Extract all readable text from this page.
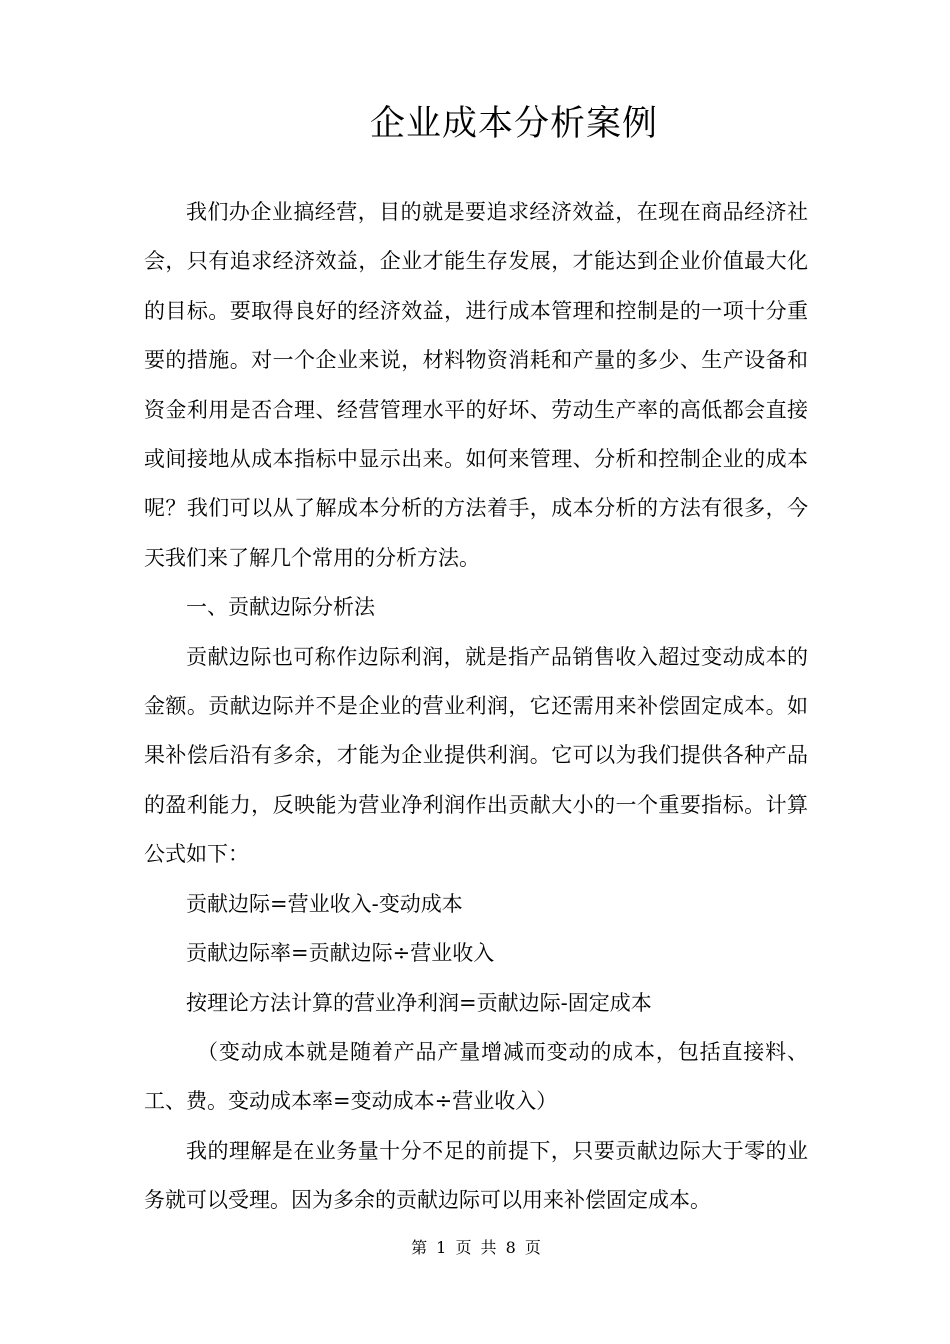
企业成本分析案例

我们办企业搞经营，目的就是要追求经济效益，在现在商品经济社会，只有追求经济效益，企业才能生存发展，才能达到企业价值最大化的目标。要取得良好的经济效益，进行成本管理和控制是的一项十分重要的措施。对一个企业来说，材料物资消耗和产量的多少、生产设备和资金利用是否合理、经营管理水平的好坏、劳动生产率的高低都会直接或间接地从成本指标中显示出来。如何来管理、分析和控制企业的成本呢？我们可以从了解成本分析的方法着手，成本分析的方法有很多，今天我们来了解几个常用的分析方法。

一、贡献边际分析法

贡献边际也可称作边际利润，就是指产品销售收入超过变动成本的金额。贡献边际并不是企业的营业利润，它还需用来补偿固定成本。如果补偿后沿有多余，才能为企业提供利润。它可以为我们提供各种产品的盈利能力，反映能为营业净利润作出贡献大小的一个重要指标。计算公式如下：

贡献边际=营业收入-变动成本

贡献边际率=贡献边际÷营业收入

按理论方法计算的营业净利润=贡献边际-固定成本

（变动成本就是随着产品产量增减而变动的成本，包括直接料、工、费。变动成本率=变动成本÷营业收入）

我的理解是在业务量十分不足的前提下，只要贡献边际大于零的业务就可以受理。因为多余的贡献边际可以用来补偿固定成本。

第 1 页 共 8 页
